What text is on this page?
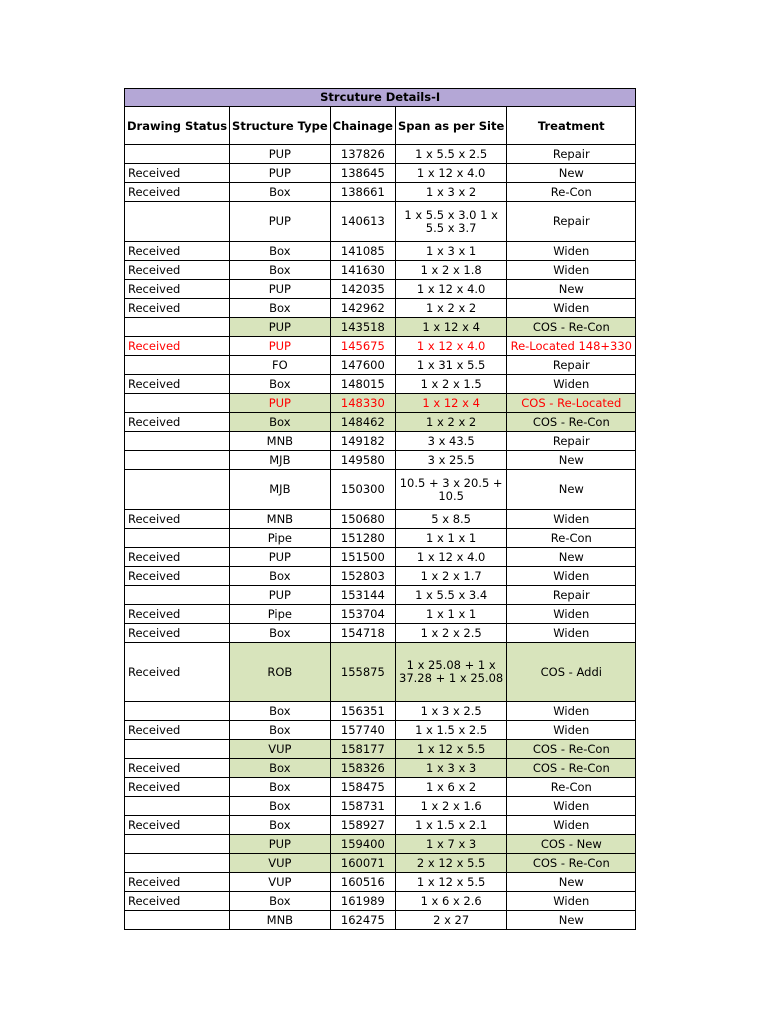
Strcuture Details-I				
Drawing Status	Structure Type	Chainage	Span as per Site	Treatment
	PUP	137826	1 x 5.5 x 2.5	Repair
Received	PUP	138645	1 x 12 x 4.0	New
Received	Box	138661	1 x 3 x 2	Re-Con
	PUP	140613	1 x 5.5 x 3.0 1 x 5.5 x 3.7	Repair
Received	Box	141085	1 x 3 x 1	Widen
Received	Box	141630	1 x 2 x 1.8	Widen
Received	PUP	142035	1 x 12 x 4.0	New
Received	Box	142962	1 x 2 x 2	Widen
	PUP	143518	1 x 12 x 4	COS - Re-Con
Received	PUP	145675	1 x 12 x 4.0	Re-Located 148+330
	FO	147600	1 x 31 x 5.5	Repair
Received	Box	148015	1 x 2 x 1.5	Widen
	PUP	148330	1 x 12 x 4	COS - Re-Located
Received	Box	148462	1 x 2 x 2	COS - Re-Con
	MNB	149182	3 x 43.5	Repair
	MJB	149580	3 x 25.5	New
	MJB	150300	10.5 + 3 x 20.5 + 10.5	New
Received	MNB	150680	5 x 8.5	Widen
	Pipe	151280	1 x 1 x 1	Re-Con
Received	PUP	151500	1 x 12 x 4.0	New
Received	Box	152803	1 x 2 x 1.7	Widen
	PUP	153144	1 x 5.5 x 3.4	Repair
Received	Pipe	153704	1 x 1 x 1	Widen
Received	Box	154718	1 x 2 x 2.5	Widen
Received	ROB	155875	1 x 25.08 + 1 x 37.28 + 1 x 25.08	COS - Addi
	Box	156351	1 x 3 x 2.5	Widen
Received	Box	157740	1 x 1.5 x 2.5	Widen
	VUP	158177	1 x 12 x 5.5	COS - Re-Con
Received	Box	158326	1 x 3 x 3	COS - Re-Con
Received	Box	158475	1 x 6 x 2	Re-Con
	Box	158731	1 x 2 x 1.6	Widen
Received	Box	158927	1 x 1.5 x 2.1	Widen
	PUP	159400	1 x 7 x 3	COS - New
	VUP	160071	2 x 12 x 5.5	COS - Re-Con
Received	VUP	160516	1 x 12 x 5.5	New
Received	Box	161989	1 x 6 x 2.6	Widen
	MNB	162475	2 x 27	New
